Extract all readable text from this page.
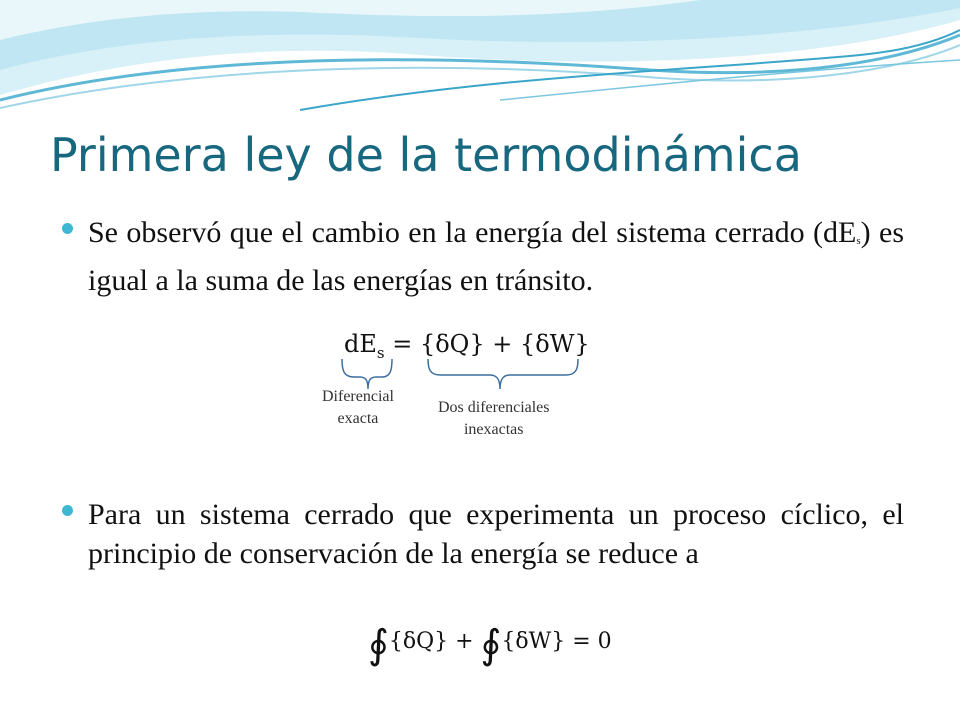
Primera ley de la termodinámica
Se observó que el cambio en la energía del sistema cerrado (dEs) es igual a la suma de las energías en tránsito.
$dE_s = \{\delta Q\} + \{\delta W\}$
Diferencial
exacta
Dos diferenciales
inexactas
Para un sistema cerrado que experimenta un proceso cíclico, el principio de conservación de la energía se reduce a
∮{δQ} + ∮{δW} = 0
